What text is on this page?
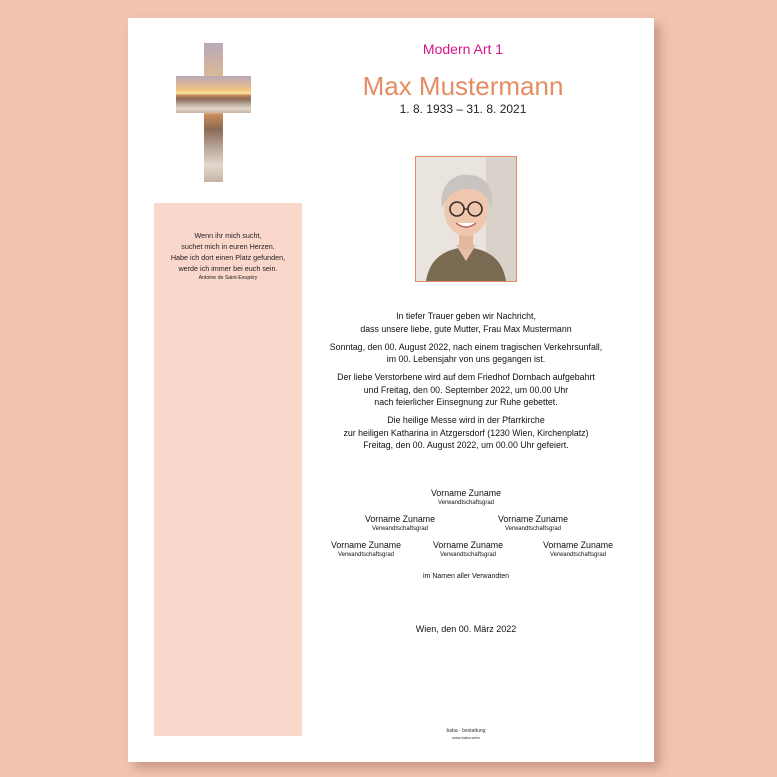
Wenn ihr mich sucht,
suchet mich in euren Herzen.
Habe ich dort einen Platz gefunden,
werde ich immer bei euch sein.
Antoine de Saint-Exupéry
Modern Art 1
Max Mustermann
1. 8. 1933 – 31. 8. 2021

In tiefer Trauer geben wir Nachricht,
dass unsere liebe, gute Mutter, Frau Max Mustermann

Sonntag, den 00. August 2022, nach einem tragischen Verkehrsunfall,
im 00. Lebensjahr von uns gegangen ist.

Der liebe Verstorbene wird auf dem Friedhof Dornbach aufgebahrt
und Freitag, den 00. September 2022, um 00.00 Uhr
nach feierlicher Einsegnung zur Ruhe gebettet.

Die heilige Messe wird in der Pfarrkirche
zur heiligen Katharina in Atzgersdorf (1230 Wien, Kirchenplatz)
Freitag, den 00. August 2022, um 00.00 Uhr gefeiert.

Vorname Zuname
Verwandtschaftsgrad
Vorname Zuname
Verwandtschaftsgrad
Vorname Zuname
Verwandtschaftsgrad
Vorname Zuname
Verwandtschaftsgrad
Vorname Zuname
Verwandtschaftsgrad
Vorname Zuname
Verwandtschaftsgrad
im Namen aller Verwandten
Wien, den 00. März 2022
baba · bestattung
www.baba.wien
